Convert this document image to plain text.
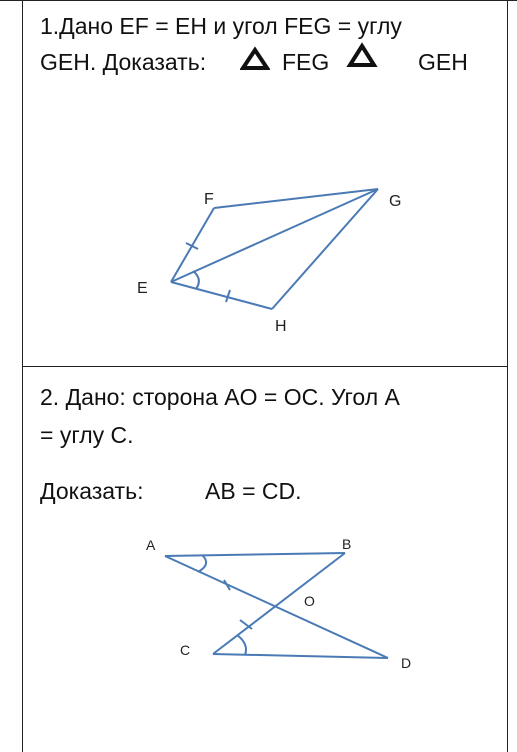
1.Дано EF = EH и угол FEG = углу
GEH. Доказать:	FEG	GEH
F	G
E
H
2. Дано: сторона AO = OC. Угол A
= углу C.
Доказать:	AB = CD.
A	B
O
C
D
